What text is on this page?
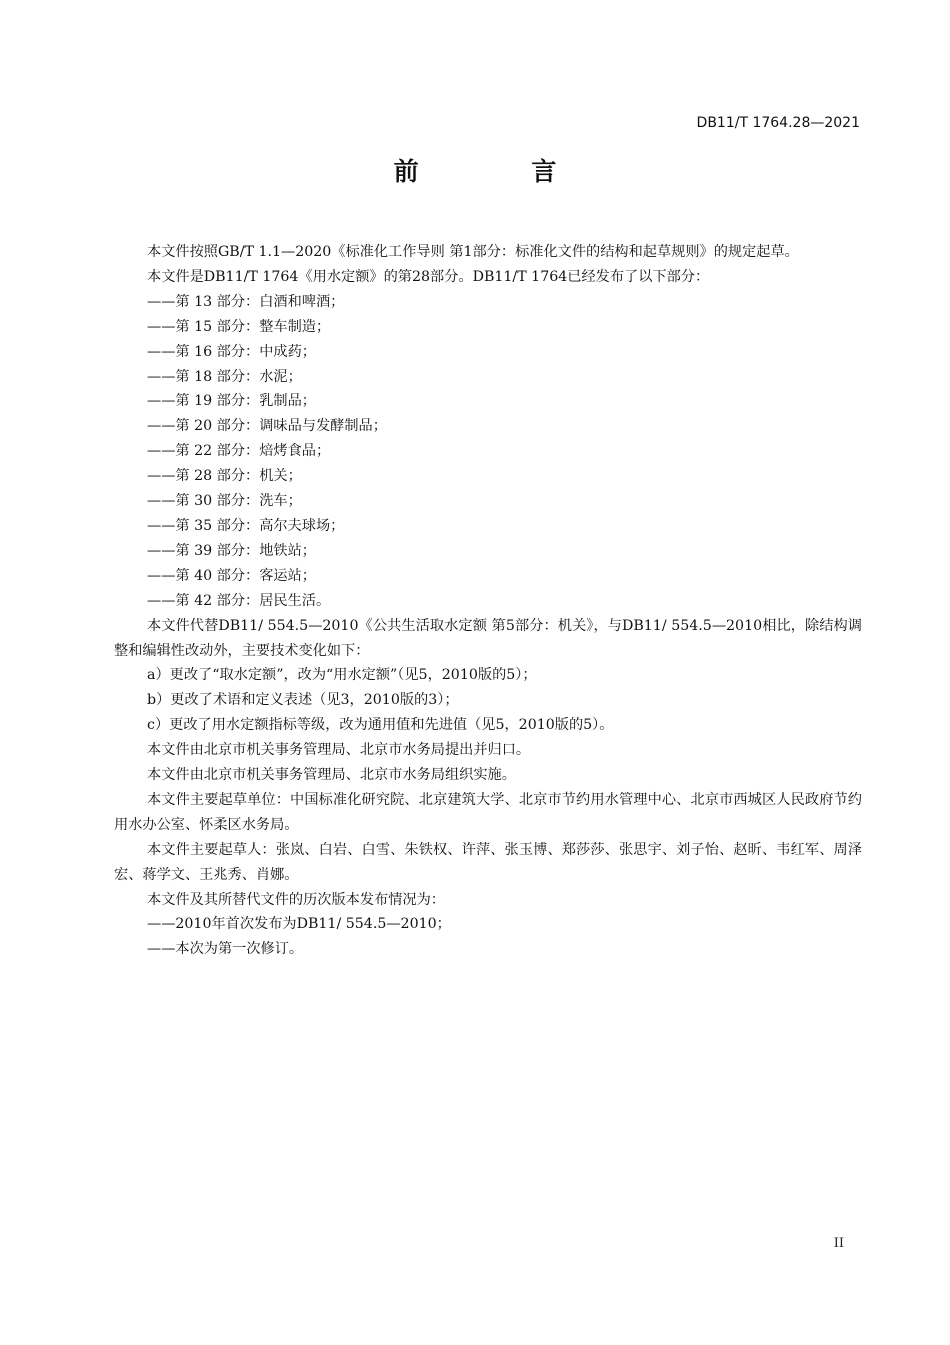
DB11/T 1764.28—2021
前 言

本文件按照GB/T 1.1—2020《标准化工作导则 第1部分：标准化文件的结构和起草规则》的规定起草。

本文件是DB11/T 1764《用水定额》的第28部分。DB11/T 1764已经发布了以下部分：

——第 13 部分：白酒和啤酒；

——第 15 部分：整车制造；

——第 16 部分：中成药；

——第 18 部分：水泥；

——第 19 部分：乳制品；

——第 20 部分：调味品与发酵制品；

——第 22 部分：焙烤食品；

——第 28 部分：机关；

——第 30 部分：洗车；

——第 35 部分：高尔夫球场；

——第 39 部分：地铁站；

——第 40 部分：客运站；

——第 42 部分：居民生活。

本文件代替DB11/ 554.5—2010《公共生活取水定额 第5部分：机关》，与DB11/ 554.5—2010相比，除结构调整和编辑性改动外，主要技术变化如下：

a）更改了“取水定额”，改为“用水定额”（见5，2010版的5）；

b）更改了术语和定义表述（见3，2010版的3）；

c）更改了用水定额指标等级，改为通用值和先进值（见5，2010版的5）。

本文件由北京市机关事务管理局、北京市水务局提出并归口。

本文件由北京市机关事务管理局、北京市水务局组织实施。

本文件主要起草单位：中国标准化研究院、北京建筑大学、北京市节约用水管理中心、北京市西城区人民政府节约用水办公室、怀柔区水务局。

本文件主要起草人：张岚、白岩、白雪、朱铁权、许萍、张玉博、郑莎莎、张思宇、刘子怡、赵昕、韦红军、周泽宏、蒋学文、王兆秀、肖娜。

本文件及其所替代文件的历次版本发布情况为：

——2010年首次发布为DB11/ 554.5—2010；

——本次为第一次修订。

II
